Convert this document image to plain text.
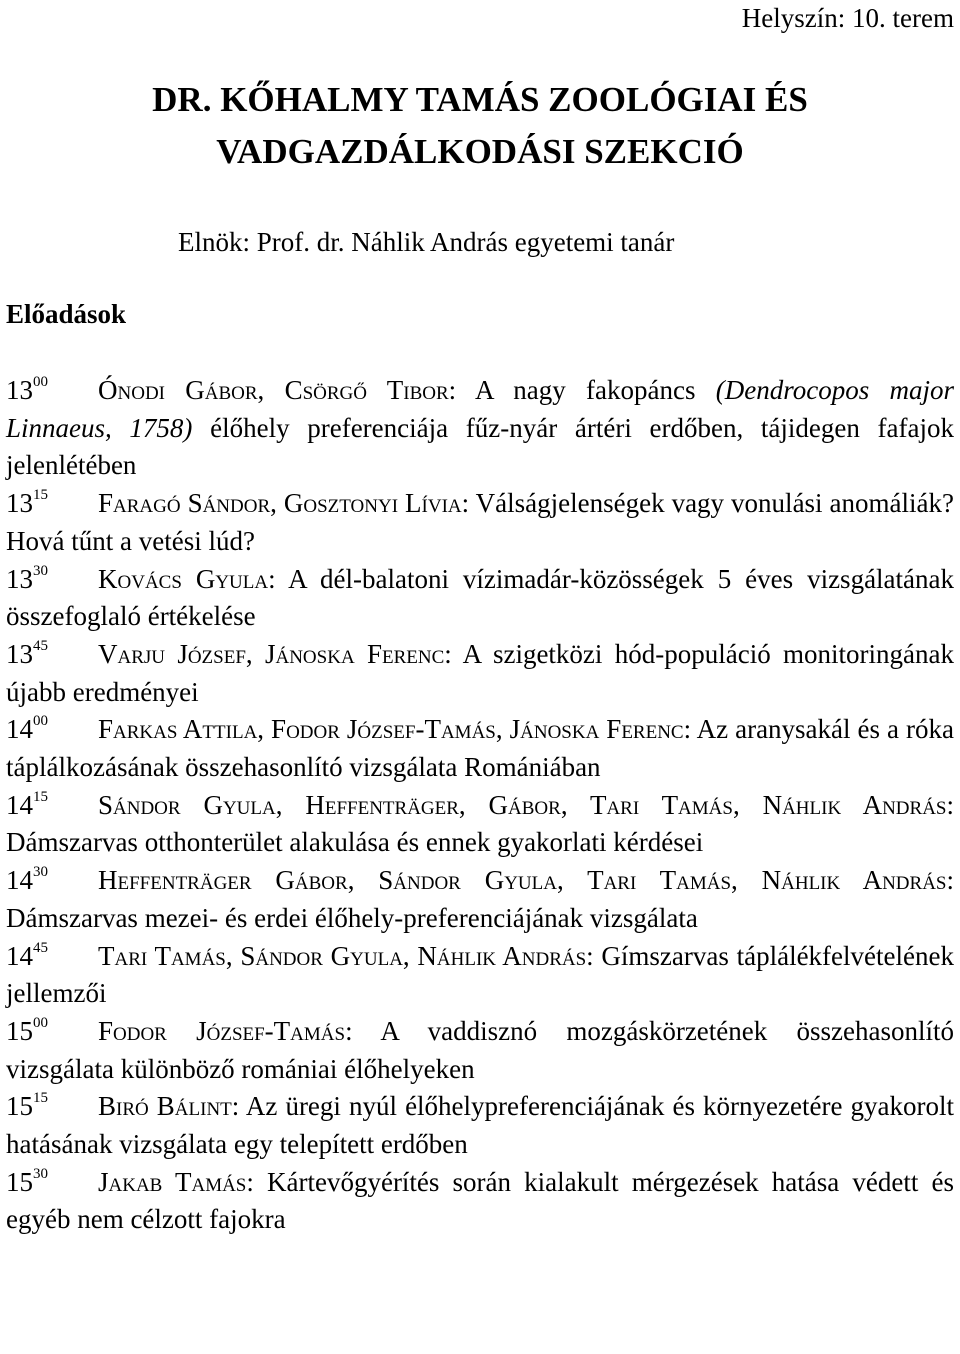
Helyszín: 10. terem
DR. KŐHALMY TAMÁS ZOOLÓGIAI ÉS
VADGAZDÁLKODÁSI SZEKCIÓ
Elnök: Prof. dr. Náhlik András egyetemi tanár
Előadások
$13^{00}$ Ónodi Gábor, Csörgő Tibor: A nagy fakopáncs (Dendrocopos major Linnaeus, 1758) élőhely preferenciája fűz-nyár ártéri erdőben, tájidegen fafajok jelenlétében
$13^{15}$ Faragó Sándor, Gosztonyi Lívia: Válságjelenségek vagy vonulási anomáliák? Hová tűnt a vetési lúd?
$13^{30}$ Kovács Gyula: A dél-balatoni vízimadár-közösségek 5 éves vizsgálatának összefoglaló értékelése
$13^{45}$ Varju József, Jánoska Ferenc: A szigetközi hód-populáció monitoringának újabb eredményei
$14^{00}$ Farkas Attila, Fodor József-Tamás, Jánoska Ferenc: Az aranysakál és a róka táplálkozásának összehasonlító vizsgálata Romániában
$14^{15}$ Sándor Gyula, Heffenträger, Gábor, Tari Tamás, Náhlik András: Dámszarvas otthonterület alakulása és ennek gyakorlati kérdései
$14^{30}$ Heffenträger Gábor, Sándor Gyula, Tari Tamás, Náhlik András: Dámszarvas mezei- és erdei élőhely-preferenciájának vizsgálata
$14^{45}$ Tari Tamás, Sándor Gyula, Náhlik András: Gímszarvas táplálékfelvételének jellemzői
$15^{00}$ Fodor József-Tamás: A vaddisznó mozgáskörzetének összehasonlító vizsgálata különböző romániai élőhelyeken
$15^{15}$ Biró Bálint: Az üregi nyúl élőhelypreferenciájának és környezetére gyakorolt hatásának vizsgálata egy telepített erdőben
$15^{30}$ Jakab Tamás: Kártevőgyérítés során kialakult mérgezések hatása védett és egyéb nem célzott fajokra
